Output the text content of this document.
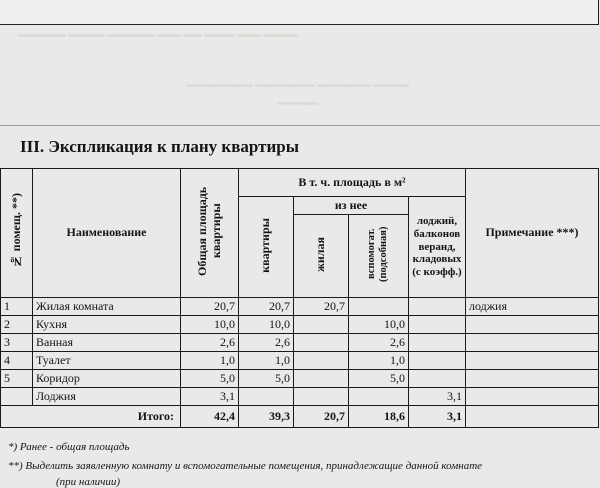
~~~~~~~~ ~~~~~~ ~~~~~~~~ ~~~~ ~~~ ~~~~~ ~~~~ ~~~~~~
~~~~~~~~~~~ ~~~~~~~~~~ ~~~~~~~~~ ~~~~~~
~~~~~~~
III. Экспликация к плану квартиры
№ помещ. **)	Наименование	Общая площадь квартиры	В т. ч. площадь в м²				Примечание ***)
			квартиры	из нее		лоджий, балконов веранд, кладовых (с коэфф.)	
				жилая	вспомогат. (подсобная)		
1	Жилая комната	20,7	20,7	20,7			лоджия
2	Кухня	10,0	10,0		10,0		
3	Ванная	2,6	2,6		2,6		
4	Туалет	1,0	1,0		1,0		
5	Коридор	5,0	5,0		5,0		
	Лоджия	3,1				3,1	
Итого:		42,4	39,3	20,7	18,6	3,1	
*) Ранее - общая площадь
**) Выделить заявленную комнату и вспомогательные помещения, принадлежащие данной комнате
(при наличии)
